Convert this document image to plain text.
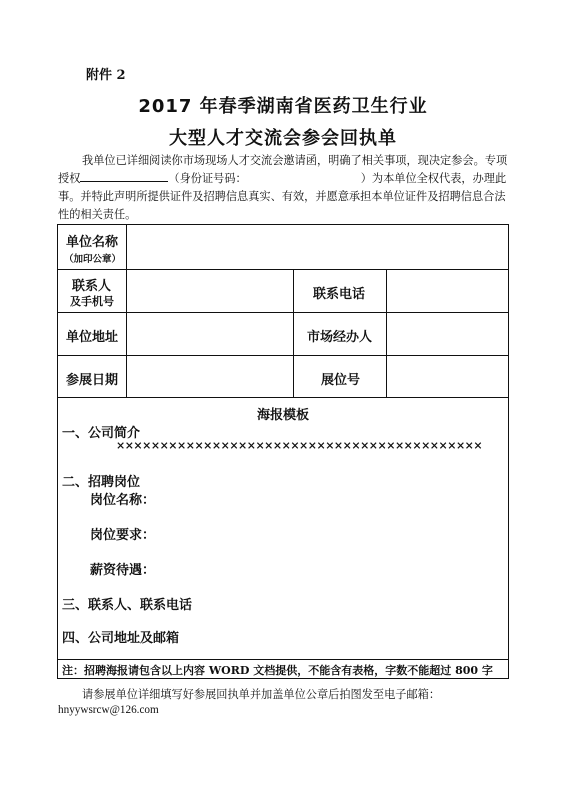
附件 2
2017 年春季湖南省医药卫生行业
大型人才交流会参会回执单
我单位已详细阅读你市场现场人才交流会邀请函，明确了相关事项，现决定参会。专项
授权	（身份证号码：	）为本单位全权代表，办理此
事。并特此声明所提供证件及招聘信息真实、有效，并愿意承担本单位证件及招聘信息合法
性的相关责任。
单位名称
（加印公章）
联系人
及手机号	联系电话
单位地址	市场经办人
参展日期	展位号
海报模板
一、公司简介
××××××××××××××××××××××××××××××××××××××××××
二、招聘岗位
岗位名称：
岗位要求：
薪资待遇：
三、联系人、联系电话
四、公司地址及邮箱
注：招聘海报请包含以上内容 WORD 文档提供，不能含有表格，字数不能超过 800 字
请参展单位详细填写好参展回执单并加盖单位公章后拍图发至电子邮箱：
hnyywsrcw@126.com
